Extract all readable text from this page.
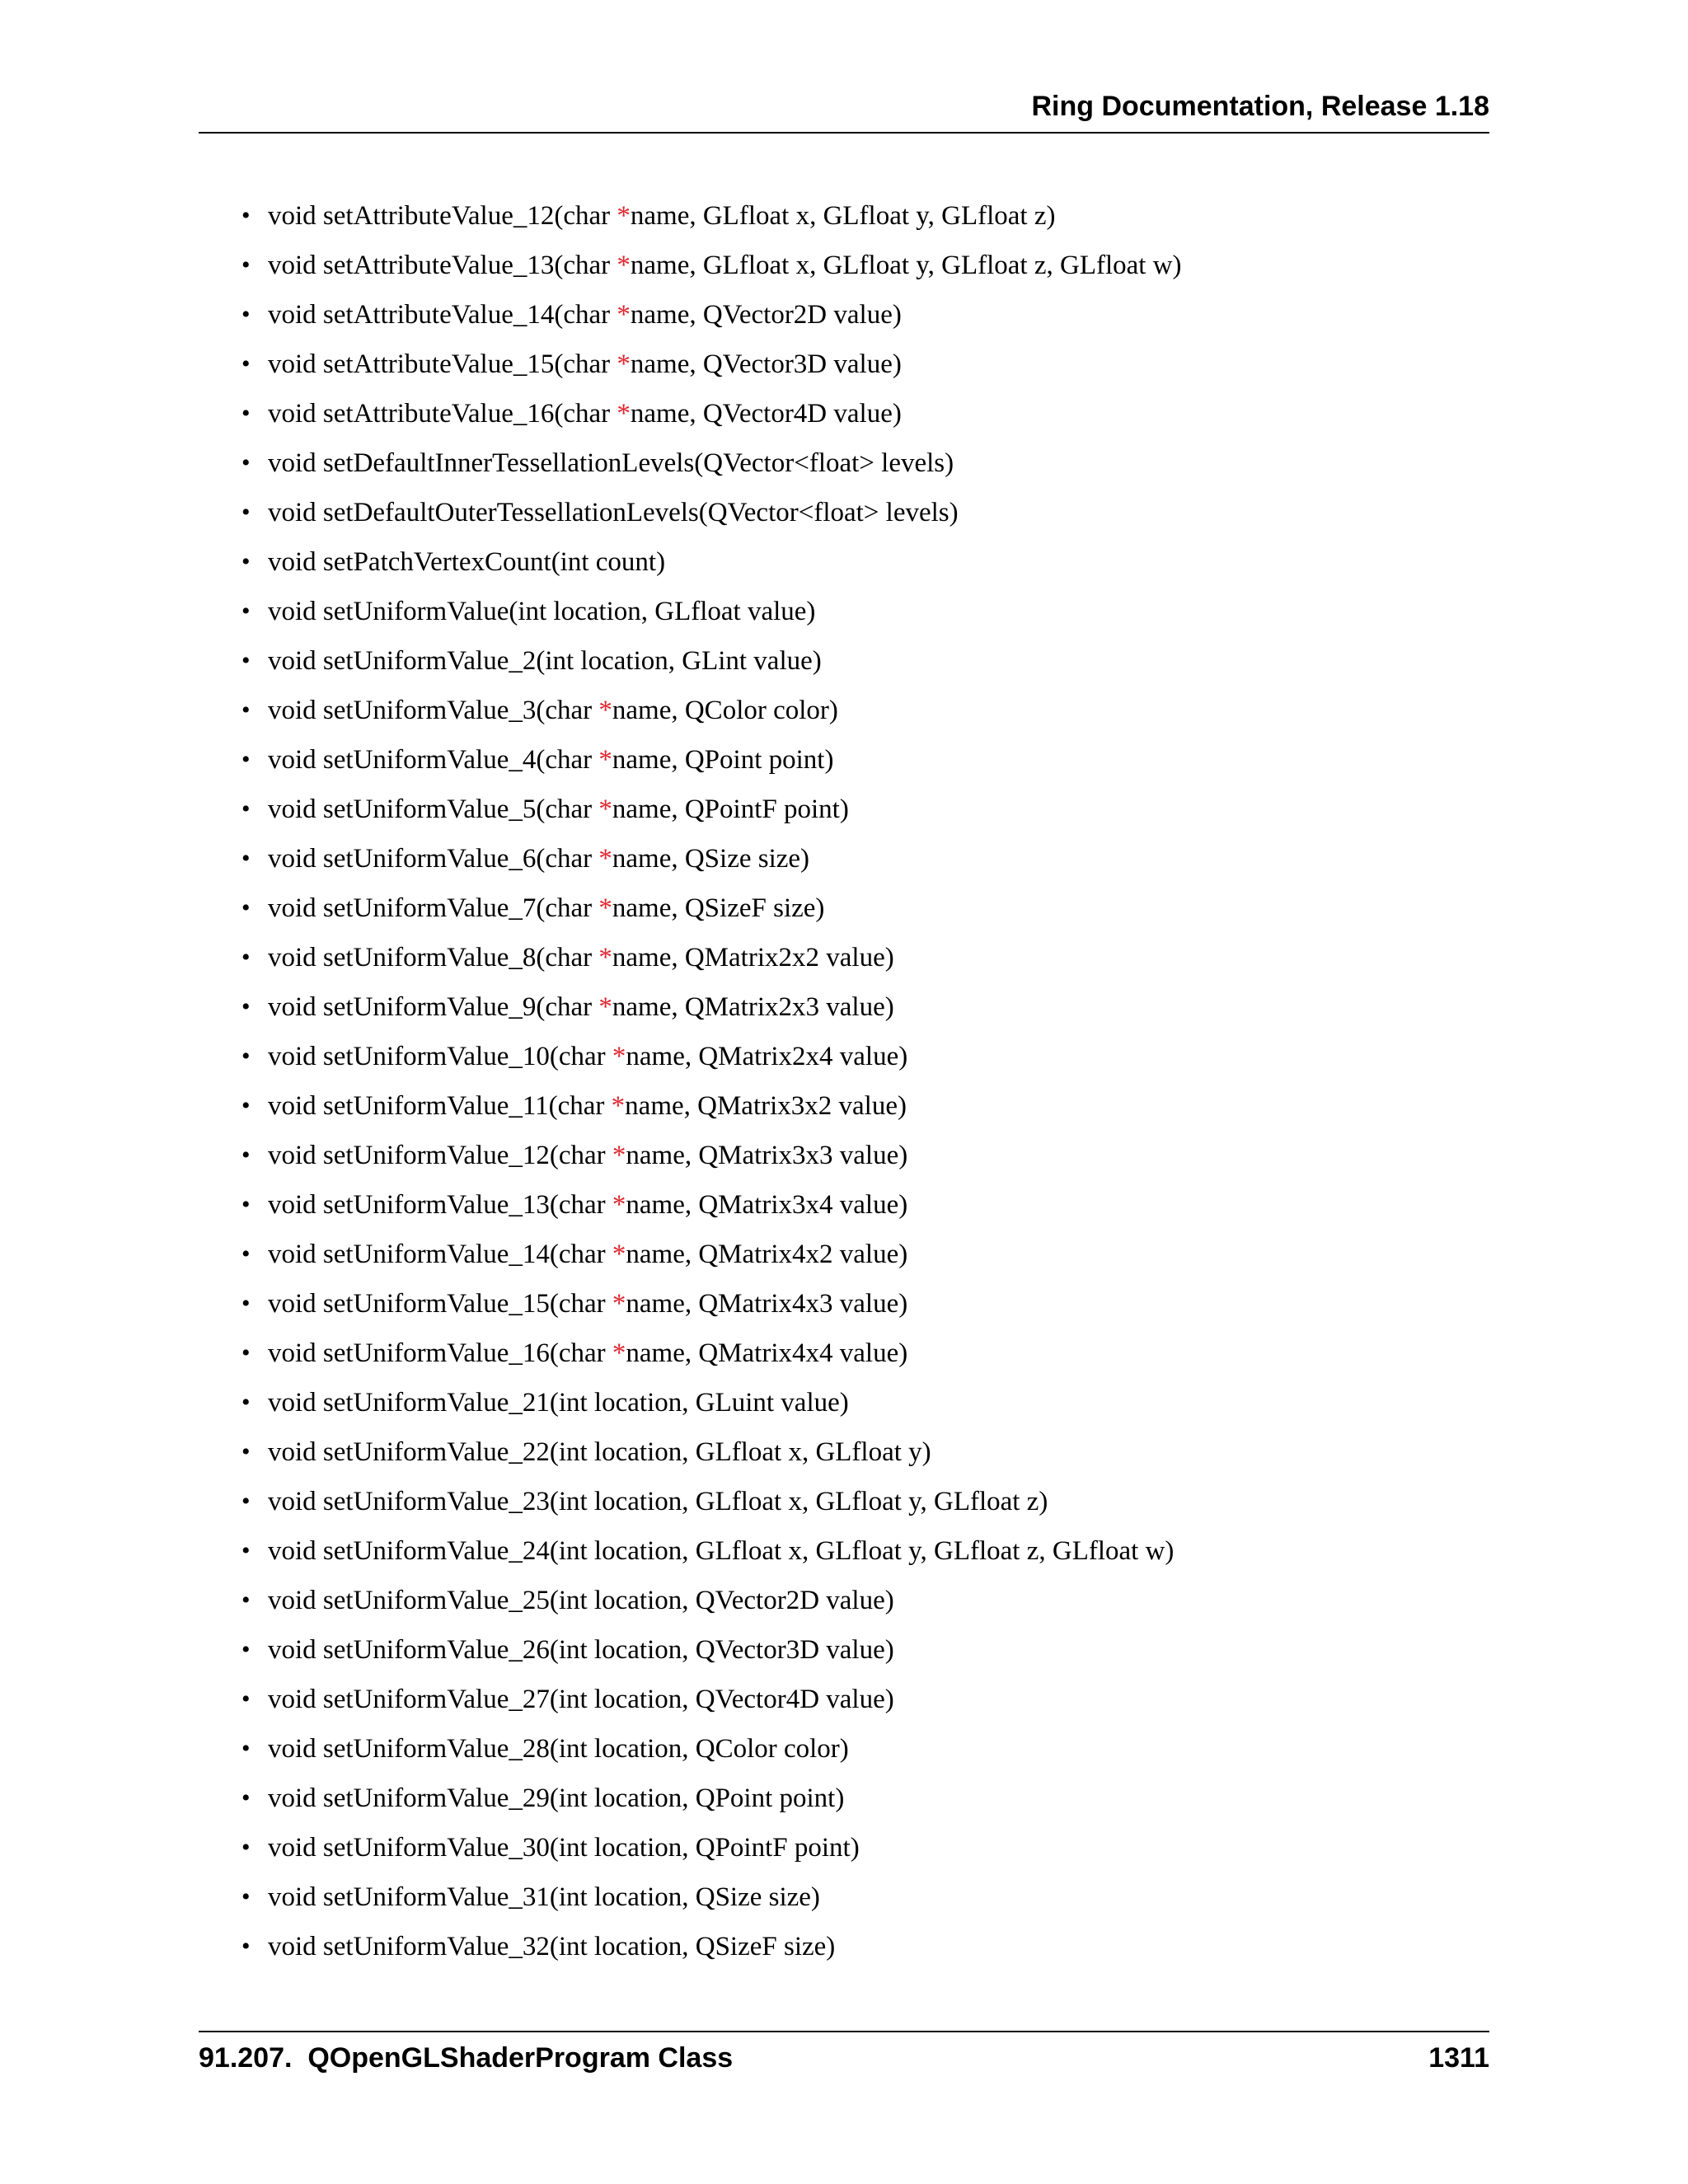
Ring Documentation, Release 1.18
• void setAttributeValue_12(char *name, GLfloat x, GLfloat y, GLfloat z)
• void setAttributeValue_13(char *name, GLfloat x, GLfloat y, GLfloat z, GLfloat w)
• void setAttributeValue_14(char *name, QVector2D value)
• void setAttributeValue_15(char *name, QVector3D value)
• void setAttributeValue_16(char *name, QVector4D value)
• void setDefaultInnerTessellationLevels(QVector<float> levels)
• void setDefaultOuterTessellationLevels(QVector<float> levels)
• void setPatchVertexCount(int count)
• void setUniformValue(int location, GLfloat value)
• void setUniformValue_2(int location, GLint value)
• void setUniformValue_3(char *name, QColor color)
• void setUniformValue_4(char *name, QPoint point)
• void setUniformValue_5(char *name, QPointF point)
• void setUniformValue_6(char *name, QSize size)
• void setUniformValue_7(char *name, QSizeF size)
• void setUniformValue_8(char *name, QMatrix2x2 value)
• void setUniformValue_9(char *name, QMatrix2x3 value)
• void setUniformValue_10(char *name, QMatrix2x4 value)
• void setUniformValue_11(char *name, QMatrix3x2 value)
• void setUniformValue_12(char *name, QMatrix3x3 value)
• void setUniformValue_13(char *name, QMatrix3x4 value)
• void setUniformValue_14(char *name, QMatrix4x2 value)
• void setUniformValue_15(char *name, QMatrix4x3 value)
• void setUniformValue_16(char *name, QMatrix4x4 value)
• void setUniformValue_21(int location, GLuint value)
• void setUniformValue_22(int location, GLfloat x, GLfloat y)
• void setUniformValue_23(int location, GLfloat x, GLfloat y, GLfloat z)
• void setUniformValue_24(int location, GLfloat x, GLfloat y, GLfloat z, GLfloat w)
• void setUniformValue_25(int location, QVector2D value)
• void setUniformValue_26(int location, QVector3D value)
• void setUniformValue_27(int location, QVector4D value)
• void setUniformValue_28(int location, QColor color)
• void setUniformValue_29(int location, QPoint point)
• void setUniformValue_30(int location, QPointF point)
• void setUniformValue_31(int location, QSize size)
• void setUniformValue_32(int location, QSizeF size)
91.207.  QOpenGLShaderProgram Class	1311
